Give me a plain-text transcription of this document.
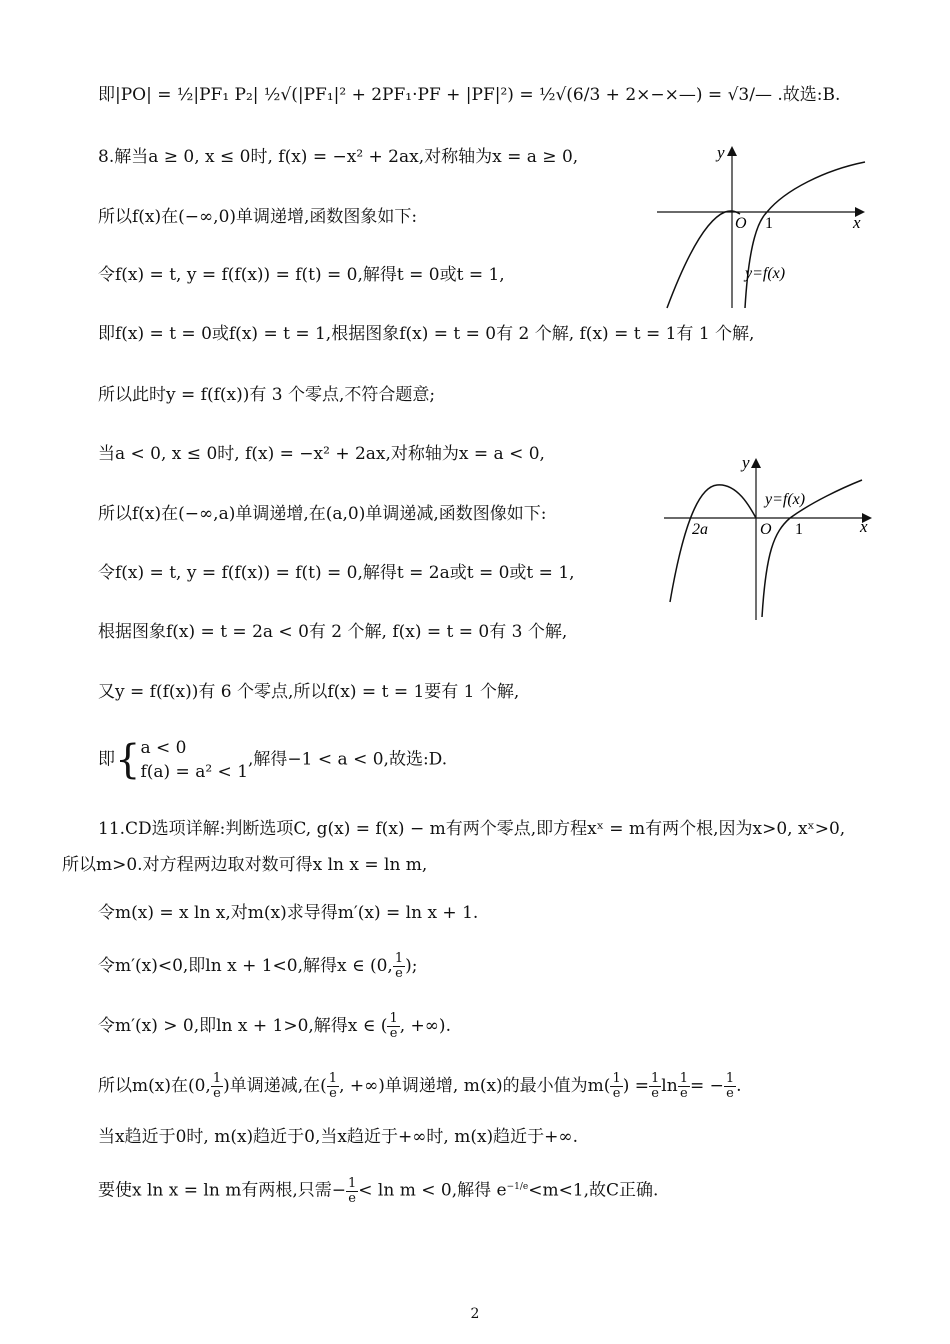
即|PO| = ½|PF₁ P₂| ½√(|PF₁|² + 2PF₁·PF + |PF|²) = ½√(6/3 + 2×−×—) = √3/— .故选:B.
8.解当a ≥ 0, x ≤ 0时, f(x) = −x² + 2ax,对称轴为x = a ≥ 0,
所以f(x)在(−∞,0)单调递增,函数图象如下:
令f(x) = t, y = f(f(x)) = f(t) = 0,解得t = 0或t = 1,
即f(x) = t = 0或f(x) = t = 1,根据图象f(x) = t = 0有 2 个解, f(x) = t = 1有 1 个解,
所以此时y = f(f(x))有 3 个零点,不符合题意;
当a < 0, x ≤ 0时, f(x) = −x² + 2ax,对称轴为x = a < 0,
所以f(x)在(−∞,a)单调递增,在(a,0)单调递减,函数图像如下:
令f(x) = t, y = f(f(x)) = f(t) = 0,解得t = 2a或t = 0或t = 1,
根据图象f(x) = t = 2a < 0有 2 个解, f(x) = t = 0有 3 个解,
又y = f(f(x))有 6 个零点,所以f(x) = t = 1要有 1 个解,
即{a < 0
f(a) = a² < 1,解得−1 < a < 0,故选:D.
11.CD选项详解:判断选项C, g(x) = f(x) − m有两个零点,即方程xˣ = m有两个根,因为x>0, xˣ>0,
所以m>0.对方程两边取对数可得x ln x = ln m,
令m(x) = x ln x,对m(x)求导得m′(x) = ln x + 1.
令m′(x)<0,即ln x + 1<0,解得x ∈ (0, $\frac{1}{e}$ );
令m′(x) > 0,即ln x + 1>0,解得x ∈ ( $\frac{1}{e}$ , +∞).
所以m(x)在(0, $\frac{1}{e}$ )单调递减,在( $\frac{1}{e}$ , +∞)单调递增, m(x)的最小值为$m( \frac{1}{e}$ ) = $\frac{1}{e}$ $\ln \frac{1}{e}$ = − $\frac{1}{e}$ .
当x趋近于0时, m(x)趋近于0,当x趋近于+∞时, m(x)趋近于+∞.
要使x ln x = ln m有两根,只需− $\frac{1}{e} < \ln m < 0$,解得 $e^{-1/e}<m<1$,故C正确.
y
x
O 1
y=f(x)
y
x
O 1
2a
y=f(x)
2
